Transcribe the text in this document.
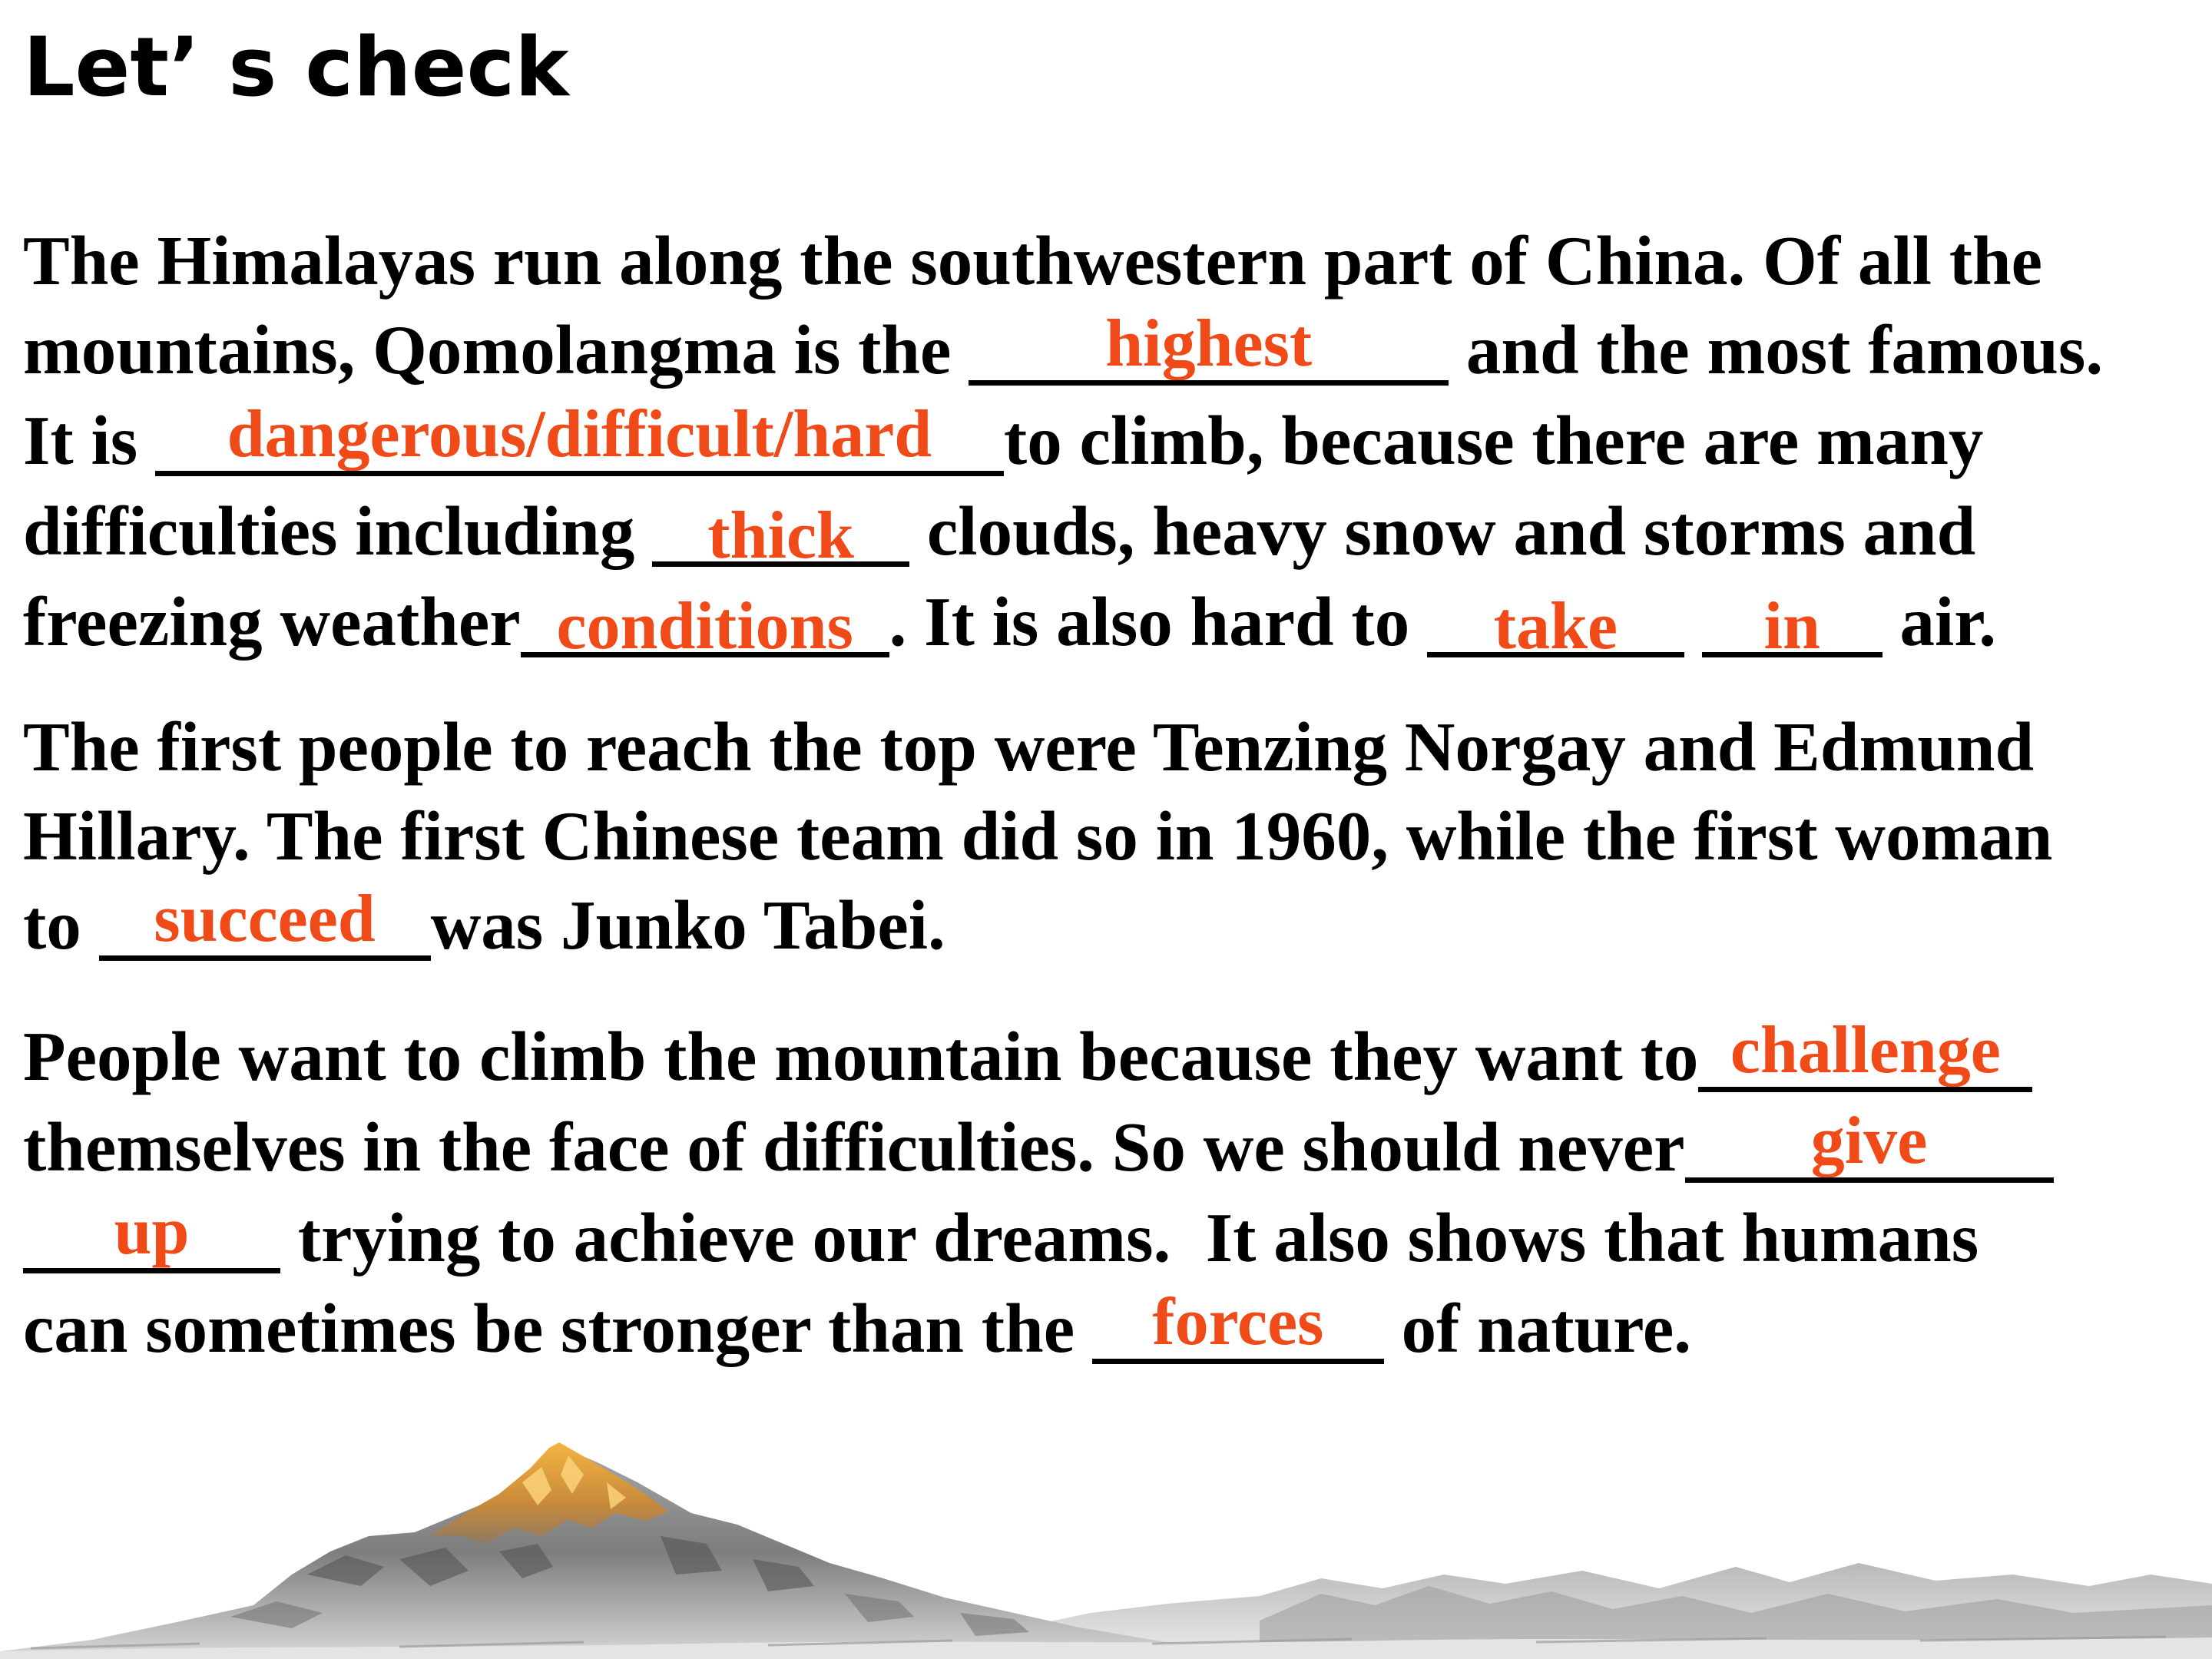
Let’ s check
The Himalayas run along the southwestern part of China. Of all the
mountains, Qomolangma is the highest and the most famous.
It is dangerous/difficult/hard to climb, because there are many
difficulties including thick clouds, heavy snow and storms and
freezing weather conditions . It is also hard to take in air.
The first people to reach the top were Tenzing Norgay and Edmund
Hillary. The first Chinese team did so in 1960, while the first woman
to succeed was Junko Tabei.
People want to climb the mountain because they want to challenge
themselves in the face of difficulties. So we should never give
up trying to achieve our dreams.  It also shows that humans
can sometimes be stronger than the forces of nature.
